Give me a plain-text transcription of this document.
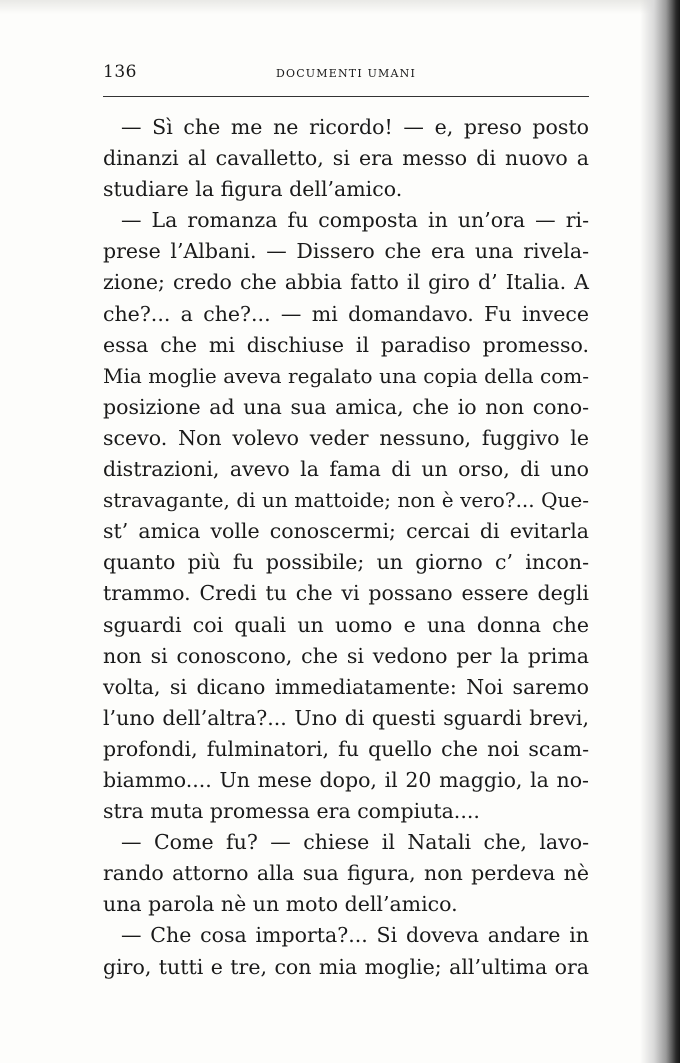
136	DOCUMENTI UMANI
— Sì che me ne ricordo! — e, preso posto
dinanzi al cavalletto, si era messo di nuovo a
studiare la figura dell’amico.
— La romanza fu composta in un’ora — ri-
prese l’Albani. — Dissero che era una rivela-
zione; credo che abbia fatto il giro d’ Italia. A
che?... a che?... — mi domandavo. Fu invece
essa che mi dischiuse il paradiso promesso.
Mia moglie aveva regalato una copia della com-
posizione ad una sua amica, che io non cono-
scevo. Non volevo veder nessuno, fuggivo le
distrazioni, avevo la fama di un orso, di uno
stravagante, di un mattoide; non è vero?... Que-
st’ amica volle conoscermi; cercai di evitarla
quanto più fu possibile; un giorno c’ incon-
trammo. Credi tu che vi possano essere degli
sguardi coi quali un uomo e una donna che
non si conoscono, che si vedono per la prima
volta, si dicano immediatamente: Noi saremo
l’uno dell’altra?... Uno di questi sguardi brevi,
profondi, fulminatori, fu quello che noi scam-
biammo.... Un mese dopo, il 20 maggio, la no-
stra muta promessa era compiuta....
— Come fu? — chiese il Natali che, lavo-
rando attorno alla sua figura, non perdeva nè
una parola nè un moto dell’amico.
— Che cosa importa?... Si doveva andare in
giro, tutti e tre, con mia moglie; all’ultima ora
